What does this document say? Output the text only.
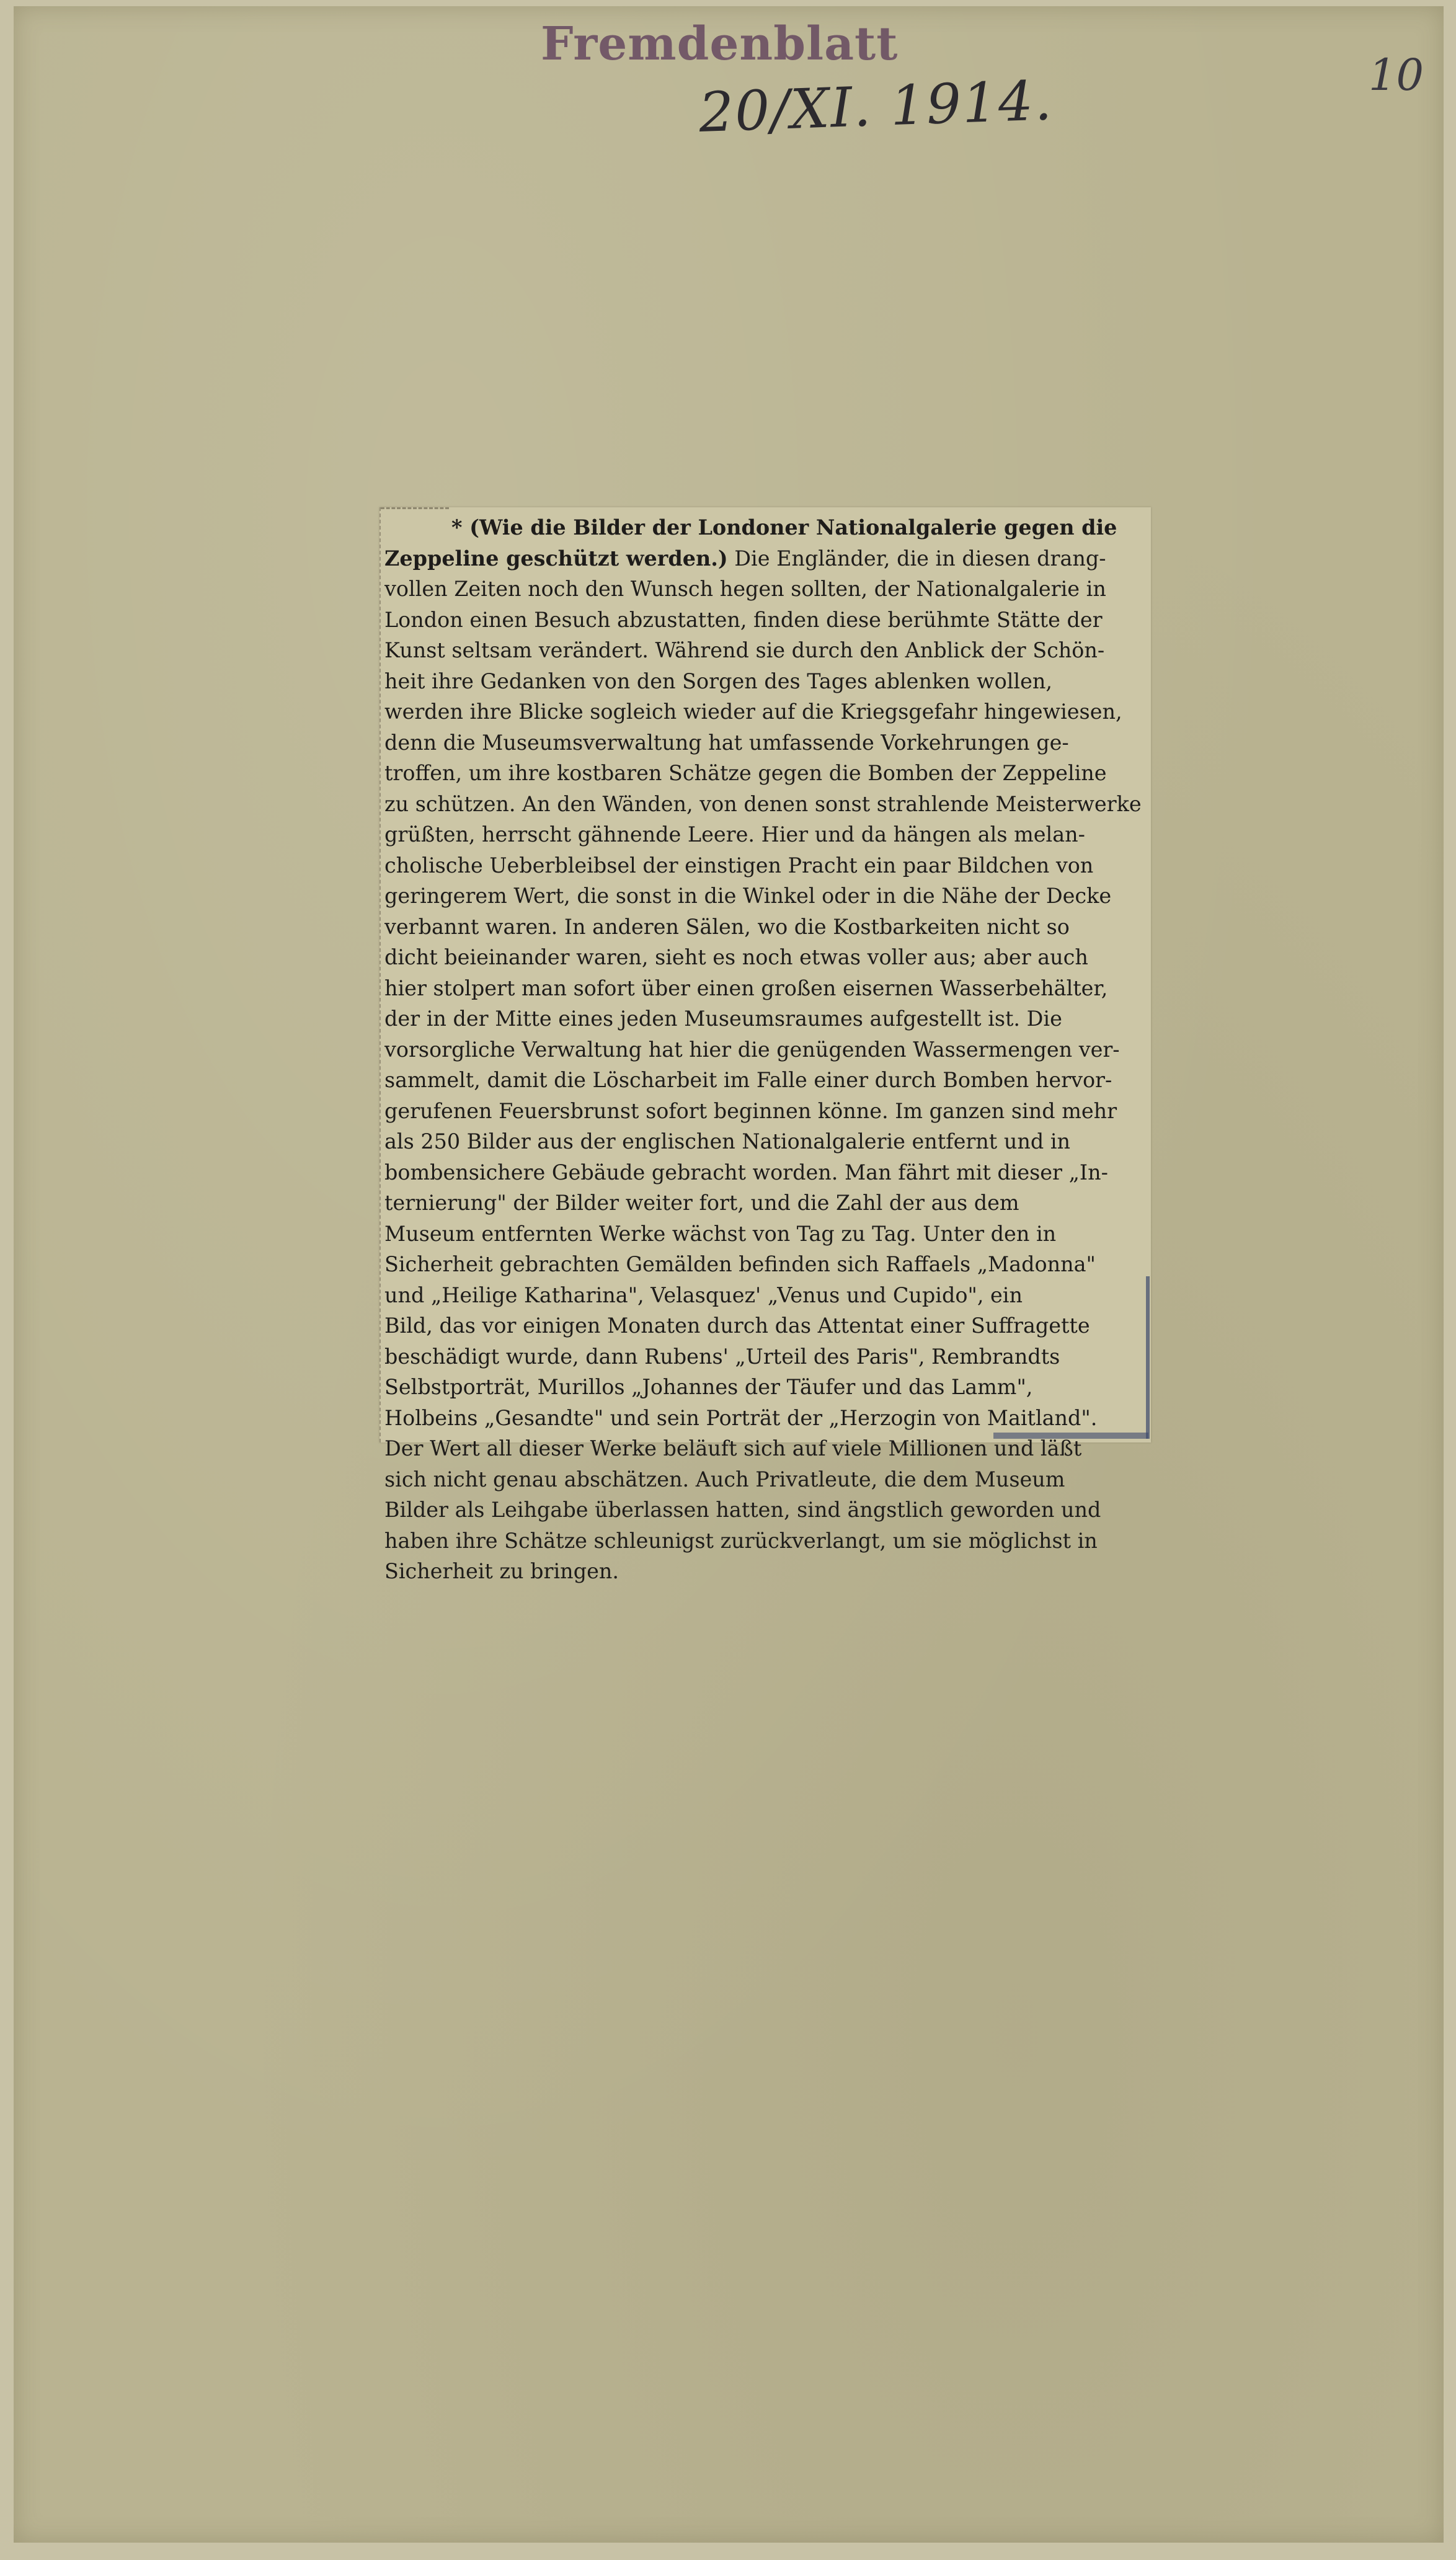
Fremdenblatt
20/XI. 1914.	10
* (Wie die Bilder der Londoner Nationalgalerie gegen die
Zeppeline geschützt werden.) Die Engländer, die in diesen drang-
vollen Zeiten noch den Wunsch hegen sollten, der Nationalgalerie in
London einen Besuch abzustatten, finden diese berühmte Stätte der
Kunst seltsam verändert. Während sie durch den Anblick der Schön-
heit ihre Gedanken von den Sorgen des Tages ablenken wollen,
werden ihre Blicke sogleich wieder auf die Kriegsgefahr hingewiesen,
denn die Museumsverwaltung hat umfassende Vorkehrungen ge-
troffen, um ihre kostbaren Schätze gegen die Bomben der Zeppeline
zu schützen. An den Wänden, von denen sonst strahlende Meisterwerke
grüßten, herrscht gähnende Leere. Hier und da hängen als melan-
cholische Ueberbleibsel der einstigen Pracht ein paar Bildchen von
geringerem Wert, die sonst in die Winkel oder in die Nähe der Decke
verbannt waren. In anderen Sälen, wo die Kostbarkeiten nicht so
dicht beieinander waren, sieht es noch etwas voller aus; aber auch
hier stolpert man sofort über einen großen eisernen Wasserbehälter,
der in der Mitte eines jeden Museumsraumes aufgestellt ist. Die
vorsorgliche Verwaltung hat hier die genügenden Wassermengen ver-
sammelt, damit die Löscharbeit im Falle einer durch Bomben hervor-
gerufenen Feuersbrunst sofort beginnen könne. Im ganzen sind mehr
als 250 Bilder aus der englischen Nationalgalerie entfernt und in
bombensichere Gebäude gebracht worden. Man fährt mit dieser „In-
ternierung" der Bilder weiter fort, und die Zahl der aus dem
Museum entfernten Werke wächst von Tag zu Tag. Unter den in
Sicherheit gebrachten Gemälden befinden sich Raffaels „Madonna"
und „Heilige Katharina", Velasquez' „Venus und Cupido", ein
Bild, das vor einigen Monaten durch das Attentat einer Suffragette
beschädigt wurde, dann Rubens' „Urteil des Paris", Rembrandts
Selbstporträt, Murillos „Johannes der Täufer und das Lamm",
Holbeins „Gesandte" und sein Porträt der „Herzogin von Maitland".
Der Wert all dieser Werke beläuft sich auf viele Millionen und läßt
sich nicht genau abschätzen. Auch Privatleute, die dem Museum
Bilder als Leihgabe überlassen hatten, sind ängstlich geworden und
haben ihre Schätze schleunigst zurückverlangt, um sie möglichst in
Sicherheit zu bringen.
